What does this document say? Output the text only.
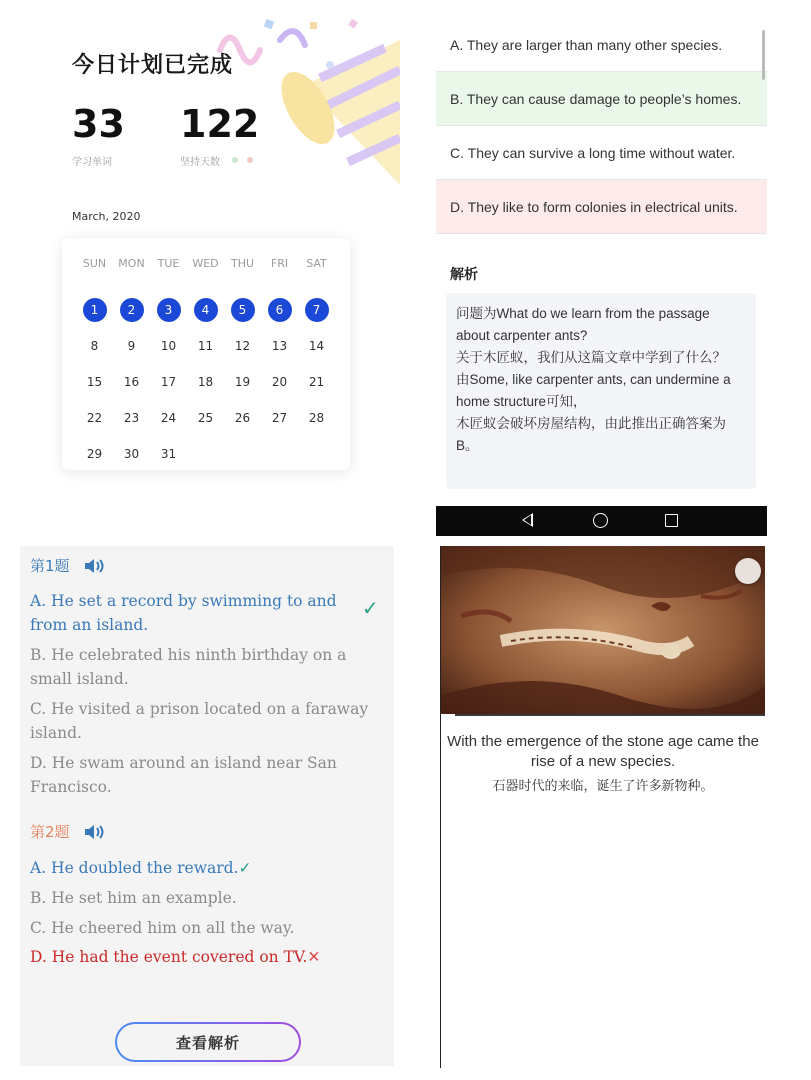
今日计划已完成
33
学习单词
122
坚持天数
March, 2020
SUN	MON	TUE	WED	THU	FRI	SAT
1	2	3	4	5	6	7
8 9 10 11 12 13 14
15 16 17 18 19 20 21
22 23 24 25 26 27 28
29 30 31
A. They are larger than many other species.
B. They can cause damage to people’s homes.
C. They can survive a long time without water.
D. They like to form colonies in electrical units.
解析
问题为What do we learn from the passage about carpenter ants?
关于木匠蚁，我们从这篇文章中学到了什么？
由Some, like carpenter ants, can undermine a home structure可知，
木匠蚁会破坏房屋结构，由此推出正确答案为B。
第1题
A. He set a record by swimming to and from an island.
✓
B. He celebrated his ninth birthday on a small island.
C. He visited a prison located on a faraway island.
D. He swam around an island near San Francisco.
第2题
A. He doubled the reward.✓
B. He set him an example.
C. He cheered him on all the way.
D. He had the event covered on TV.✕
查看解析
With the emergence of the stone age came the rise of a new species.
石器时代的来临，诞生了许多新物种。
